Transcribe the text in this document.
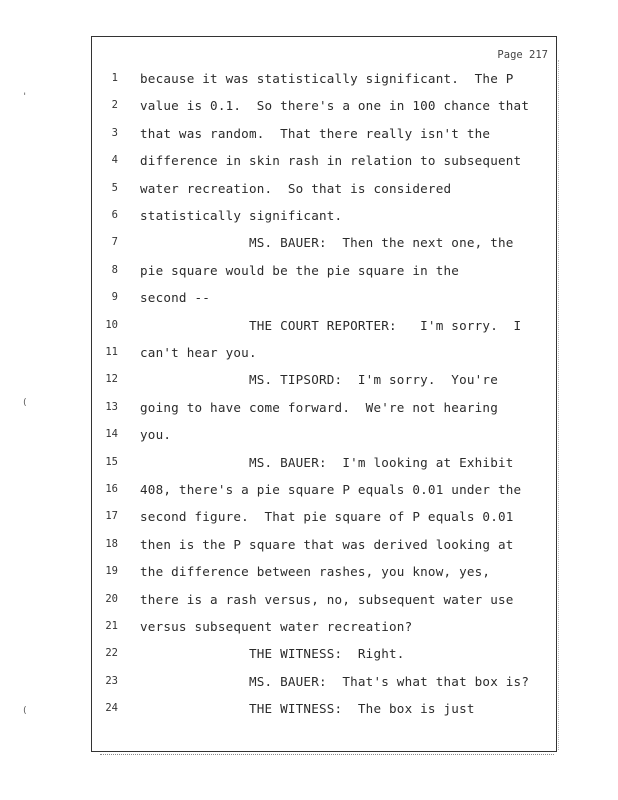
Page 217
1 because it was statistically significant.  The P
2 value is 0.1.  So there's a one in 100 chance that
3 that was random.  That there really isn't the
4 difference in skin rash in relation to subsequent
5 water recreation.  So that is considered
6 statistically significant.
7 MS. BAUER:  Then the next one, the
8 pie square would be the pie square in the
9 second --
10 THE COURT REPORTER:   I'm sorry.  I
11 can't hear you.
12 MS. TIPSORD:  I'm sorry.  You're
13 going to have come forward.  We're not hearing
14 you.
15 MS. BAUER:  I'm looking at Exhibit
16 408, there's a pie square P equals 0.01 under the
17 second figure.  That pie square of P equals 0.01
18 then is the P square that was derived looking at
19 the difference between rashes, you know, yes,
20 there is a rash versus, no, subsequent water use
21 versus subsequent water recreation?
22 THE WITNESS:  Right.
23 MS. BAUER:  That's what that box is?
24 THE WITNESS:  The box is just
'
(
(
